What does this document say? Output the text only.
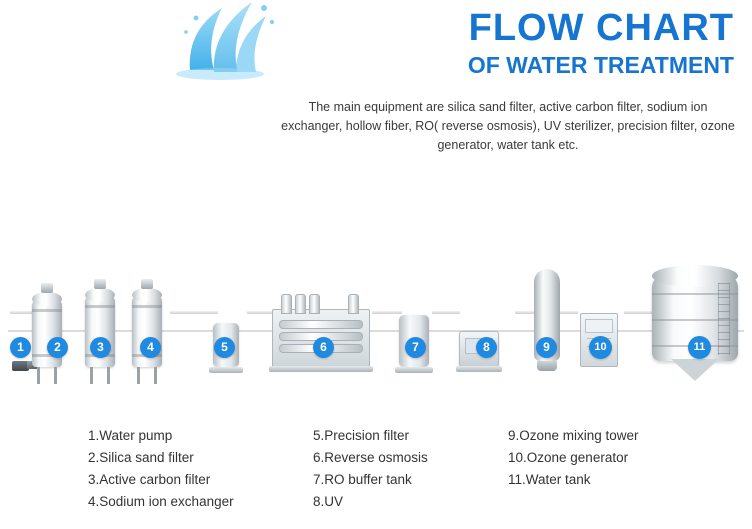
FLOW CHART
OF WATER TREATMENT
The main equipment are silica sand filter, active carbon filter, sodium ion exchanger, hollow fiber, RO( reverse osmosis), UV sterilizer, precision filter, ozone generator, water tank etc.
1	2	3	4	5	6	7	8	9	10	11
1.Water pump
2.Silica sand filter
3.Active carbon filter
4.Sodium ion exchanger
5.Precision filter
6.Reverse osmosis
7.RO buffer tank
8.UV
9.Ozone mixing tower
10.Ozone generator
11.Water tank
